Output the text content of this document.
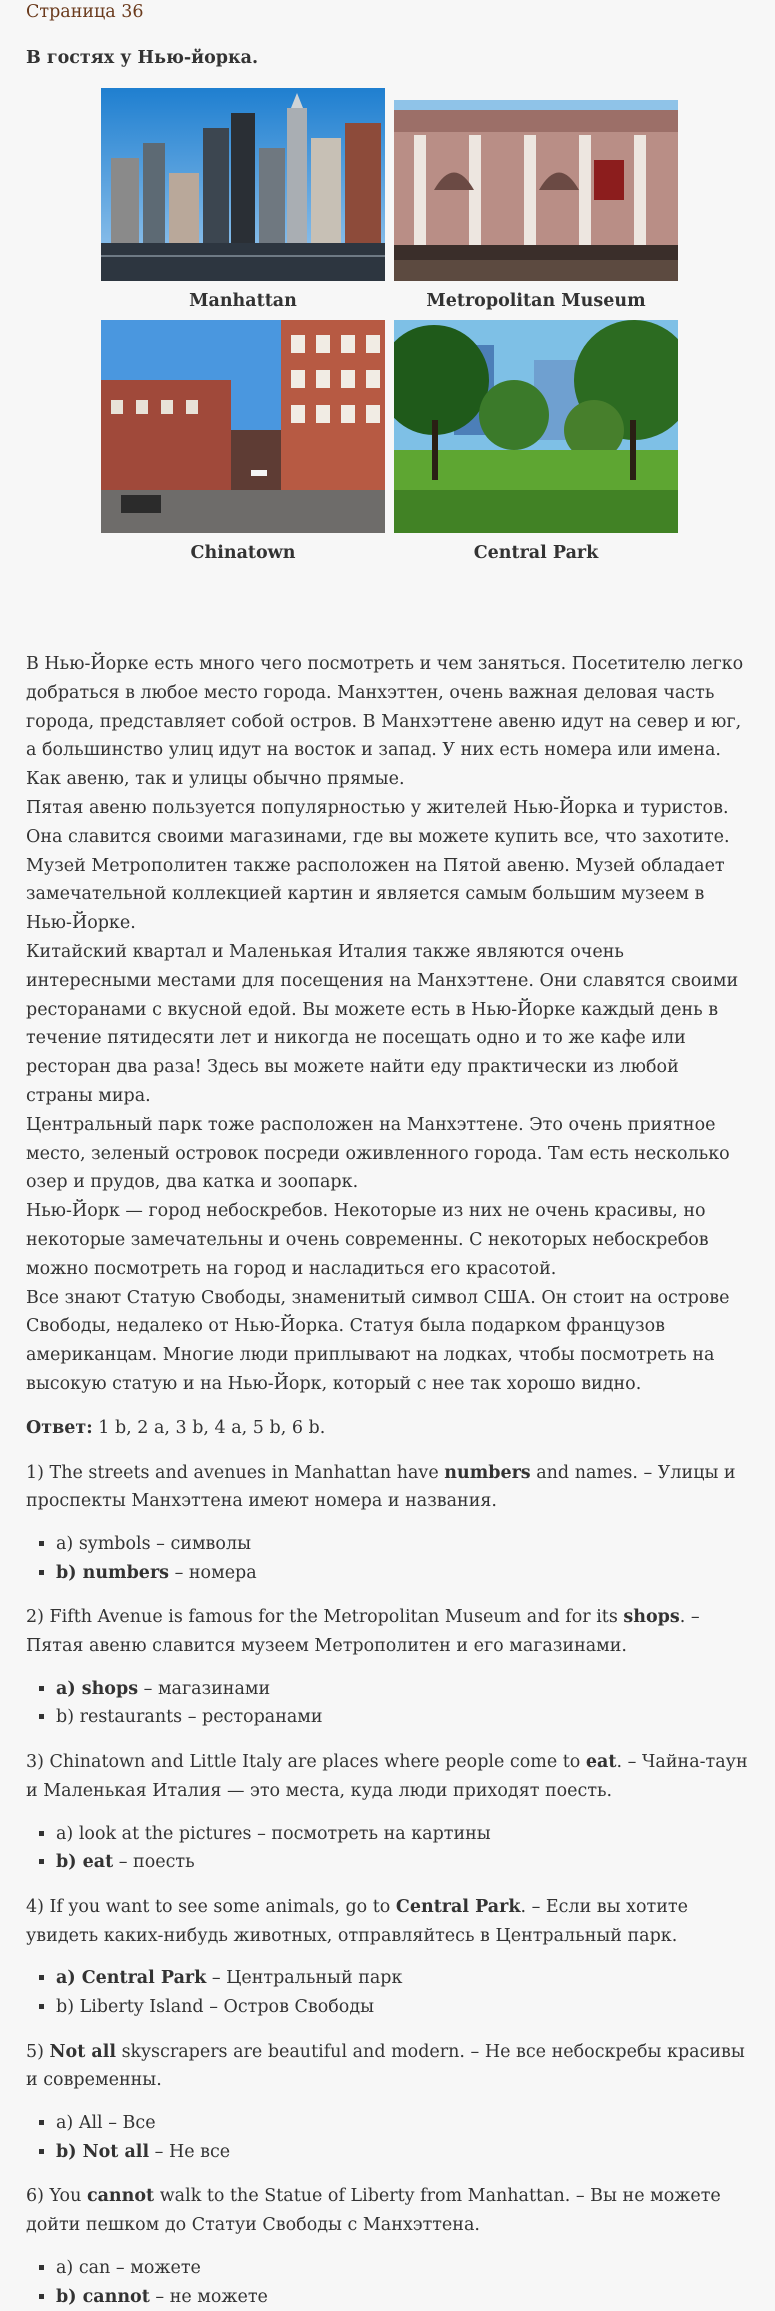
Страница 36
В гостях у Нью-йорка.
Manhattan	Metropolitan Museum
Chinatown	Central Park

В Нью-Йорке есть много чего посмотреть и чем заняться. Посетителю легко добраться в любое место города. Манхэттен, очень важная деловая часть города, представляет собой остров. В Манхэттене авеню идут на север и юг, а большинство улиц идут на восток и запад. У них есть номера или имена. Как авеню, так и улицы обычно прямые.

Пятая авеню пользуется популярностью у жителей Нью-Йорка и туристов. Она славится своими магазинами, где вы можете купить все, что захотите. Музей Метрополитен также расположен на Пятой авеню. Музей обладает замечательной коллекцией картин и является самым большим музеем в Нью-Йорке.

Китайский квартал и Маленькая Италия также являются очень интересными местами для посещения на Манхэттене. Они славятся своими ресторанами с вкусной едой. Вы можете есть в Нью-Йорке каждый день в течение пятидесяти лет и никогда не посещать одно и то же кафе или ресторан два раза! Здесь вы можете найти еду практически из любой страны мира.

Центральный парк тоже расположен на Манхэттене. Это очень приятное место, зеленый островок посреди оживленного города. Там есть несколько озер и прудов, два катка и зоопарк.

Нью-Йорк — город небоскребов. Некоторые из них не очень красивы, но некоторые замечательны и очень современны. С некоторых небоскребов можно посмотреть на город и насладиться его красотой.

Все знают Статую Свободы, знаменитый символ США. Он стоит на острове Свободы, недалеко от Нью-Йорка. Статуя была подарком французов американцам. Многие люди приплывают на лодках, чтобы посмотреть на высокую статую и на Нью-Йорк, который с нее так хорошо видно.

Ответ: 1 b, 2 a, 3 b, 4 a, 5 b, 6 b.

1) The streets and avenues in Manhattan have numbers and names. – Улицы и проспекты Манхэттена имеют номера и названия.

▪ a) symbols – символы
▪ b) numbers – номера

2) Fifth Avenue is famous for the Metropolitan Museum and for its shops. – Пятая авеню славится музеем Метрополитен и его магазинами.

▪ a) shops – магазинами
▪ b) restaurants – ресторанами

3) Chinatown and Little Italy are places where people come to eat. – Чайна-таун и Маленькая Италия — это места, куда люди приходят поесть.

▪ a) look at the pictures – посмотреть на картины
▪ b) eat – поесть

4) If you want to see some animals, go to Central Park. – Если вы хотите увидеть каких-нибудь животных, отправляйтесь в Центральный парк.

▪ a) Central Park – Центральный парк
▪ b) Liberty Island – Остров Свободы

5) Not all skyscrapers are beautiful and modern. – Не все небоскребы красивы и современны.

▪ a) All – Все
▪ b) Not all – Не все

6) You cannot walk to the Statue of Liberty from Manhattan. – Вы не можете дойти пешком до Статуи Свободы с Манхэттена.

▪ a) can – можете
▪ b) cannot – не можете
